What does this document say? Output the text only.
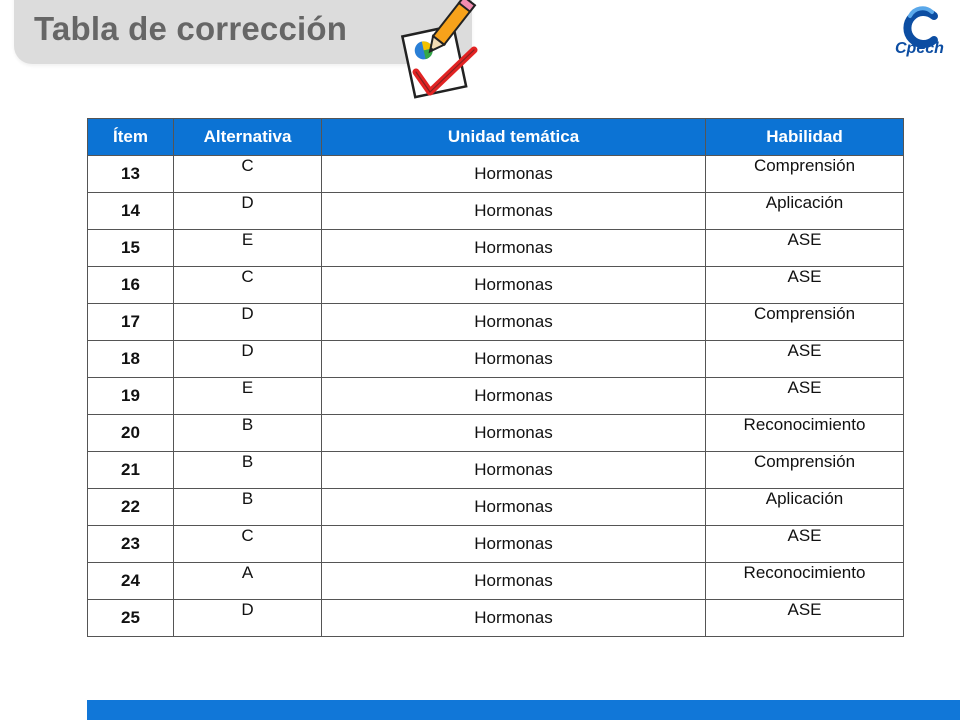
Tabla de corrección
Cpech
Ítem	Alternativa	Unidad temática	Habilidad
13	C	Hormonas	Comprensión
14	D	Hormonas	Aplicación
15	E	Hormonas	ASE
16	C	Hormonas	ASE
17	D	Hormonas	Comprensión
18	D	Hormonas	ASE
19	E	Hormonas	ASE
20	B	Hormonas	Reconocimiento
21	B	Hormonas	Comprensión
22	B	Hormonas	Aplicación
23	C	Hormonas	ASE
24	A	Hormonas	Reconocimiento
25	D	Hormonas	ASE
